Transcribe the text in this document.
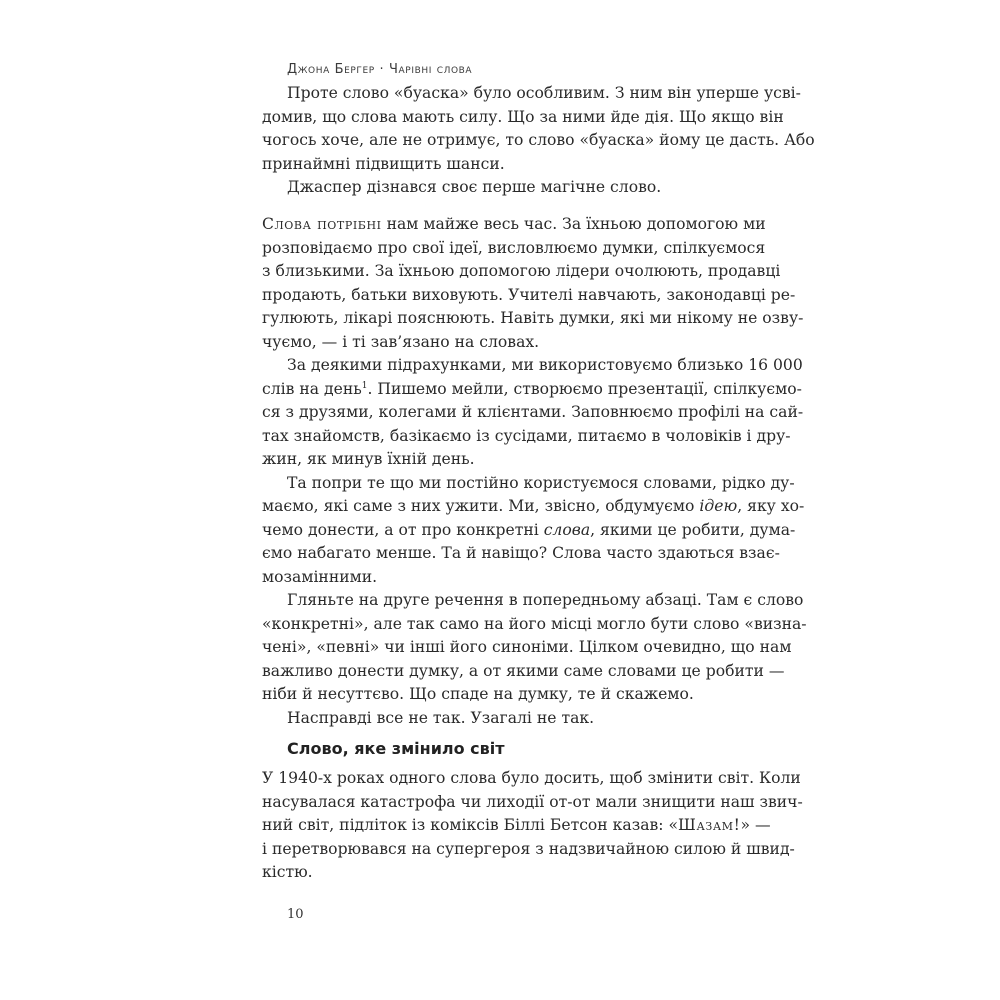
Джона Бергер · Чарівні слова
Проте слово «буаска» було особливим. З ним він уперше усві-
домив, що слова мають силу. Що за ними йде дія. Що якщо він
чогось хоче, але не отримує, то слово «буаска» йому це дасть. Або
принаймні підвищить шанси.
Джаспер дізнався своє перше магічне слово.
Слова потрібні нам майже весь час. За їхньою допомогою ми
розповідаємо про свої ідеї, висловлюємо думки, спілкуємося
з близькими. За їхньою допомогою лідери очолюють, продавці
продають, батьки виховують. Учителі навчають, законодавці ре-
гулюють, лікарі пояснюють. Навіть думки, які ми нікому не озву-
чуємо, — і ті зав’язано на словах.
За деякими підрахунками, ми використовуємо близько 16 000
слів на день$^1$. Пишемо мейли, створюємо презентації, спілкуємо-
ся з друзями, колегами й клієнтами. Заповнюємо профілі на сай-
тах знайомств, базікаємо із сусідами, питаємо в чоловіків і дру-
жин, як минув їхній день.
Та попри те що ми постійно користуємося словами, рідко ду-
маємо, які саме з них ужити. Ми, звісно, обдумуємо ідею, яку хо-
чемо донести, а от про конкретні слова, якими це робити, дума-
ємо набагато менше. Та й навіщо? Слова часто здаються взає-
мозамінними.
Гляньте на друге речення в попередньому абзаці. Там є слово
«конкретні», але так само на його місці могло бути слово «визна-
чені», «певні» чи інші його синоніми. Цілком очевидно, що нам
важливо донести думку, а от якими саме словами це робити —
ніби й несуттєво. Що спаде на думку, те й скажемо.
Насправді все не так. Узагалі не так.
Слово, яке змінило світ
У 1940-х роках одного слова було досить, щоб змінити світ. Коли
насувалася катастрофа чи лиходії от-от мали знищити наш звич-
ний світ, підліток із коміксів Біллі Бетсон казав: «Шазам!» —
і перетворювався на супергероя з надзвичайною силою й швид-
кістю.
10
